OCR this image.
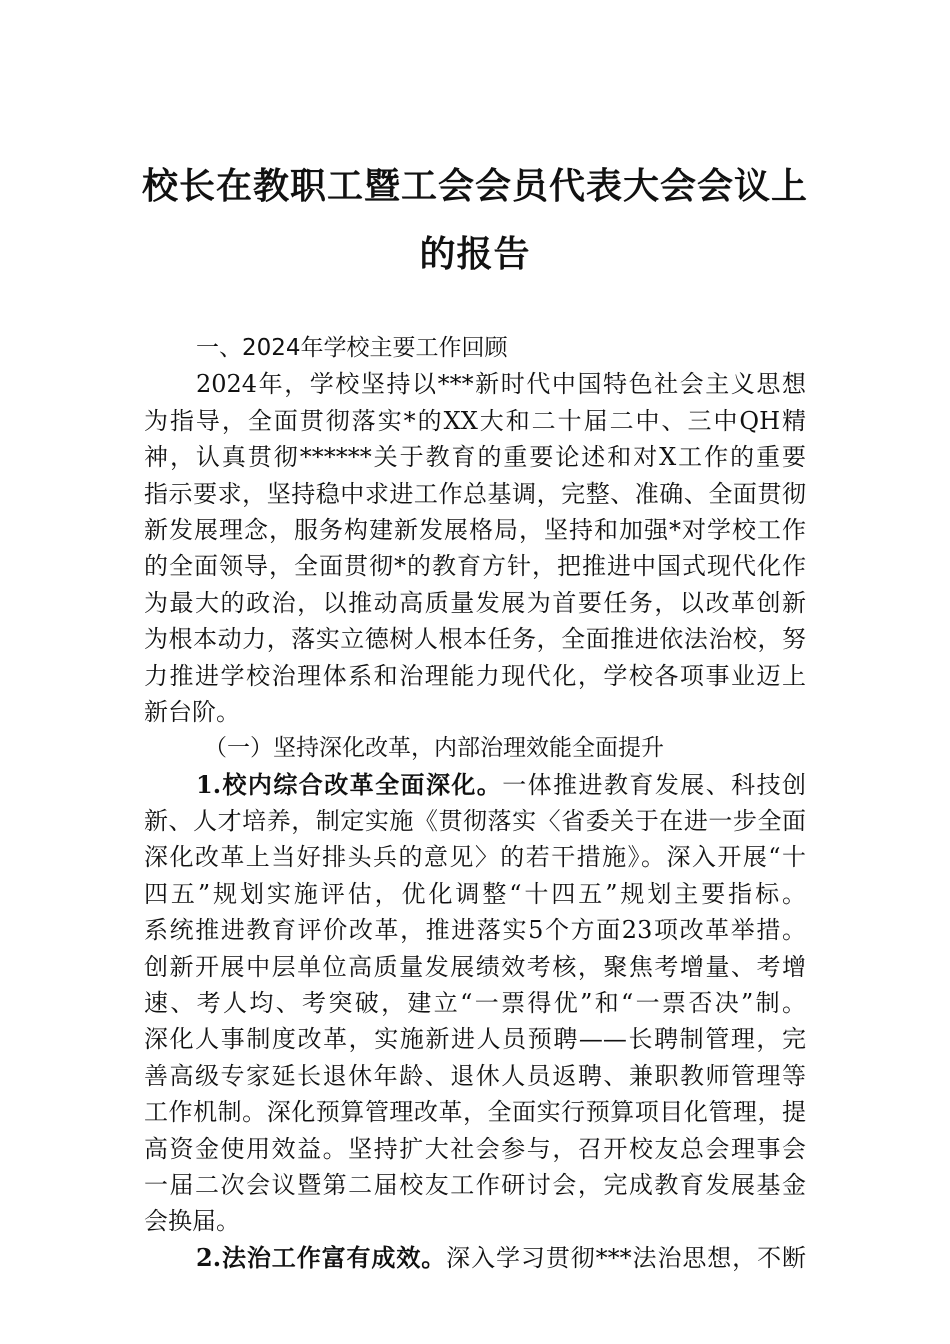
校长在教职工暨工会会员代表大会会议上
的报告
一、2024年学校主要工作回顾
2024年，学校坚持以***新时代中国特色社会主义思想
为指导，全面贯彻落实*的XX大和二十届二中、三中QH精
神，认真贯彻******关于教育的重要论述和对X工作的重要
指示要求，坚持稳中求进工作总基调，完整、准确、全面贯彻
新发展理念，服务构建新发展格局，坚持和加强*对学校工作
的全面领导，全面贯彻*的教育方针，把推进中国式现代化作
为最大的政治，以推动高质量发展为首要任务，以改革创新
为根本动力，落实立德树人根本任务，全面推进依法治校，努
力推进学校治理体系和治理能力现代化，学校各项事业迈上
新台阶。
（一）坚持深化改革，内部治理效能全面提升
1.校内综合改革全面深化。一体推进教育发展、科技创
新、人才培养，制定实施《贯彻落实〈省委关于在进一步全面
深化改革上当好排头兵的意见〉的若干措施》。深入开展“十
四五”规划实施评估，优化调整“十四五”规划主要指标。
系统推进教育评价改革，推进落实5个方面23项改革举措。
创新开展中层单位高质量发展绩效考核，聚焦考增量、考增
速、考人均、考突破，建立“一票得优”和“一票否决”制。
深化人事制度改革，实施新进人员预聘——长聘制管理，完
善高级专家延长退休年龄、退休人员返聘、兼职教师管理等
工作机制。深化预算管理改革，全面实行预算项目化管理，提
高资金使用效益。坚持扩大社会参与，召开校友总会理事会
一届二次会议暨第二届校友工作研讨会，完成教育发展基金
会换届。
2.法治工作富有成效。深入学习贯彻***法治思想，不断
